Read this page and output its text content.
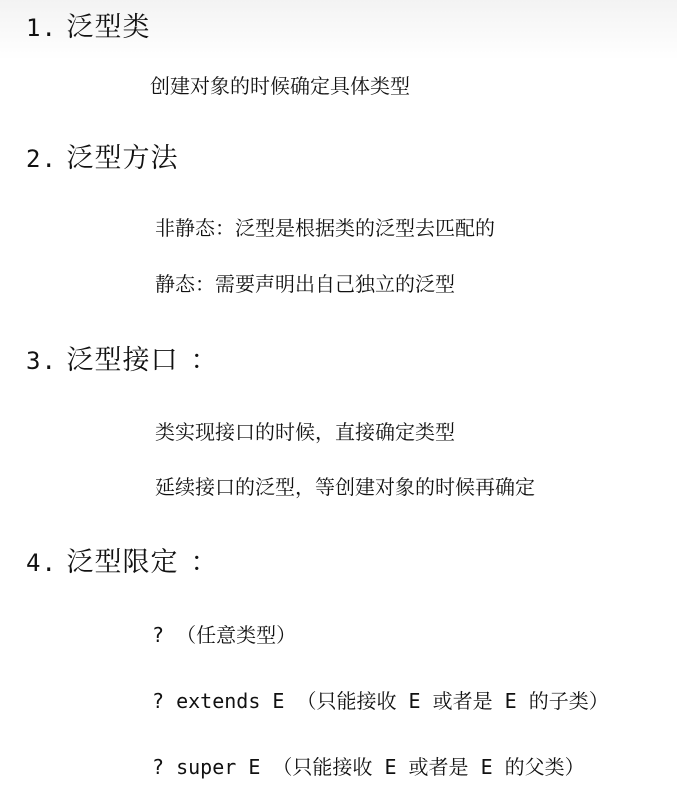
1. 泛型类
创建对象的时候确定具体类型
2. 泛型方法
非静态：泛型是根据类的泛型去匹配的
静态：需要声明出自己独立的泛型
3. 泛型接口 ：
类实现接口的时候，直接确定类型
延续接口的泛型，等创建对象的时候再确定
4. 泛型限定 ：
? （任意类型）
? extends E （只能接收 E 或者是 E 的子类）
? super E （只能接收 E 或者是 E 的父类）
